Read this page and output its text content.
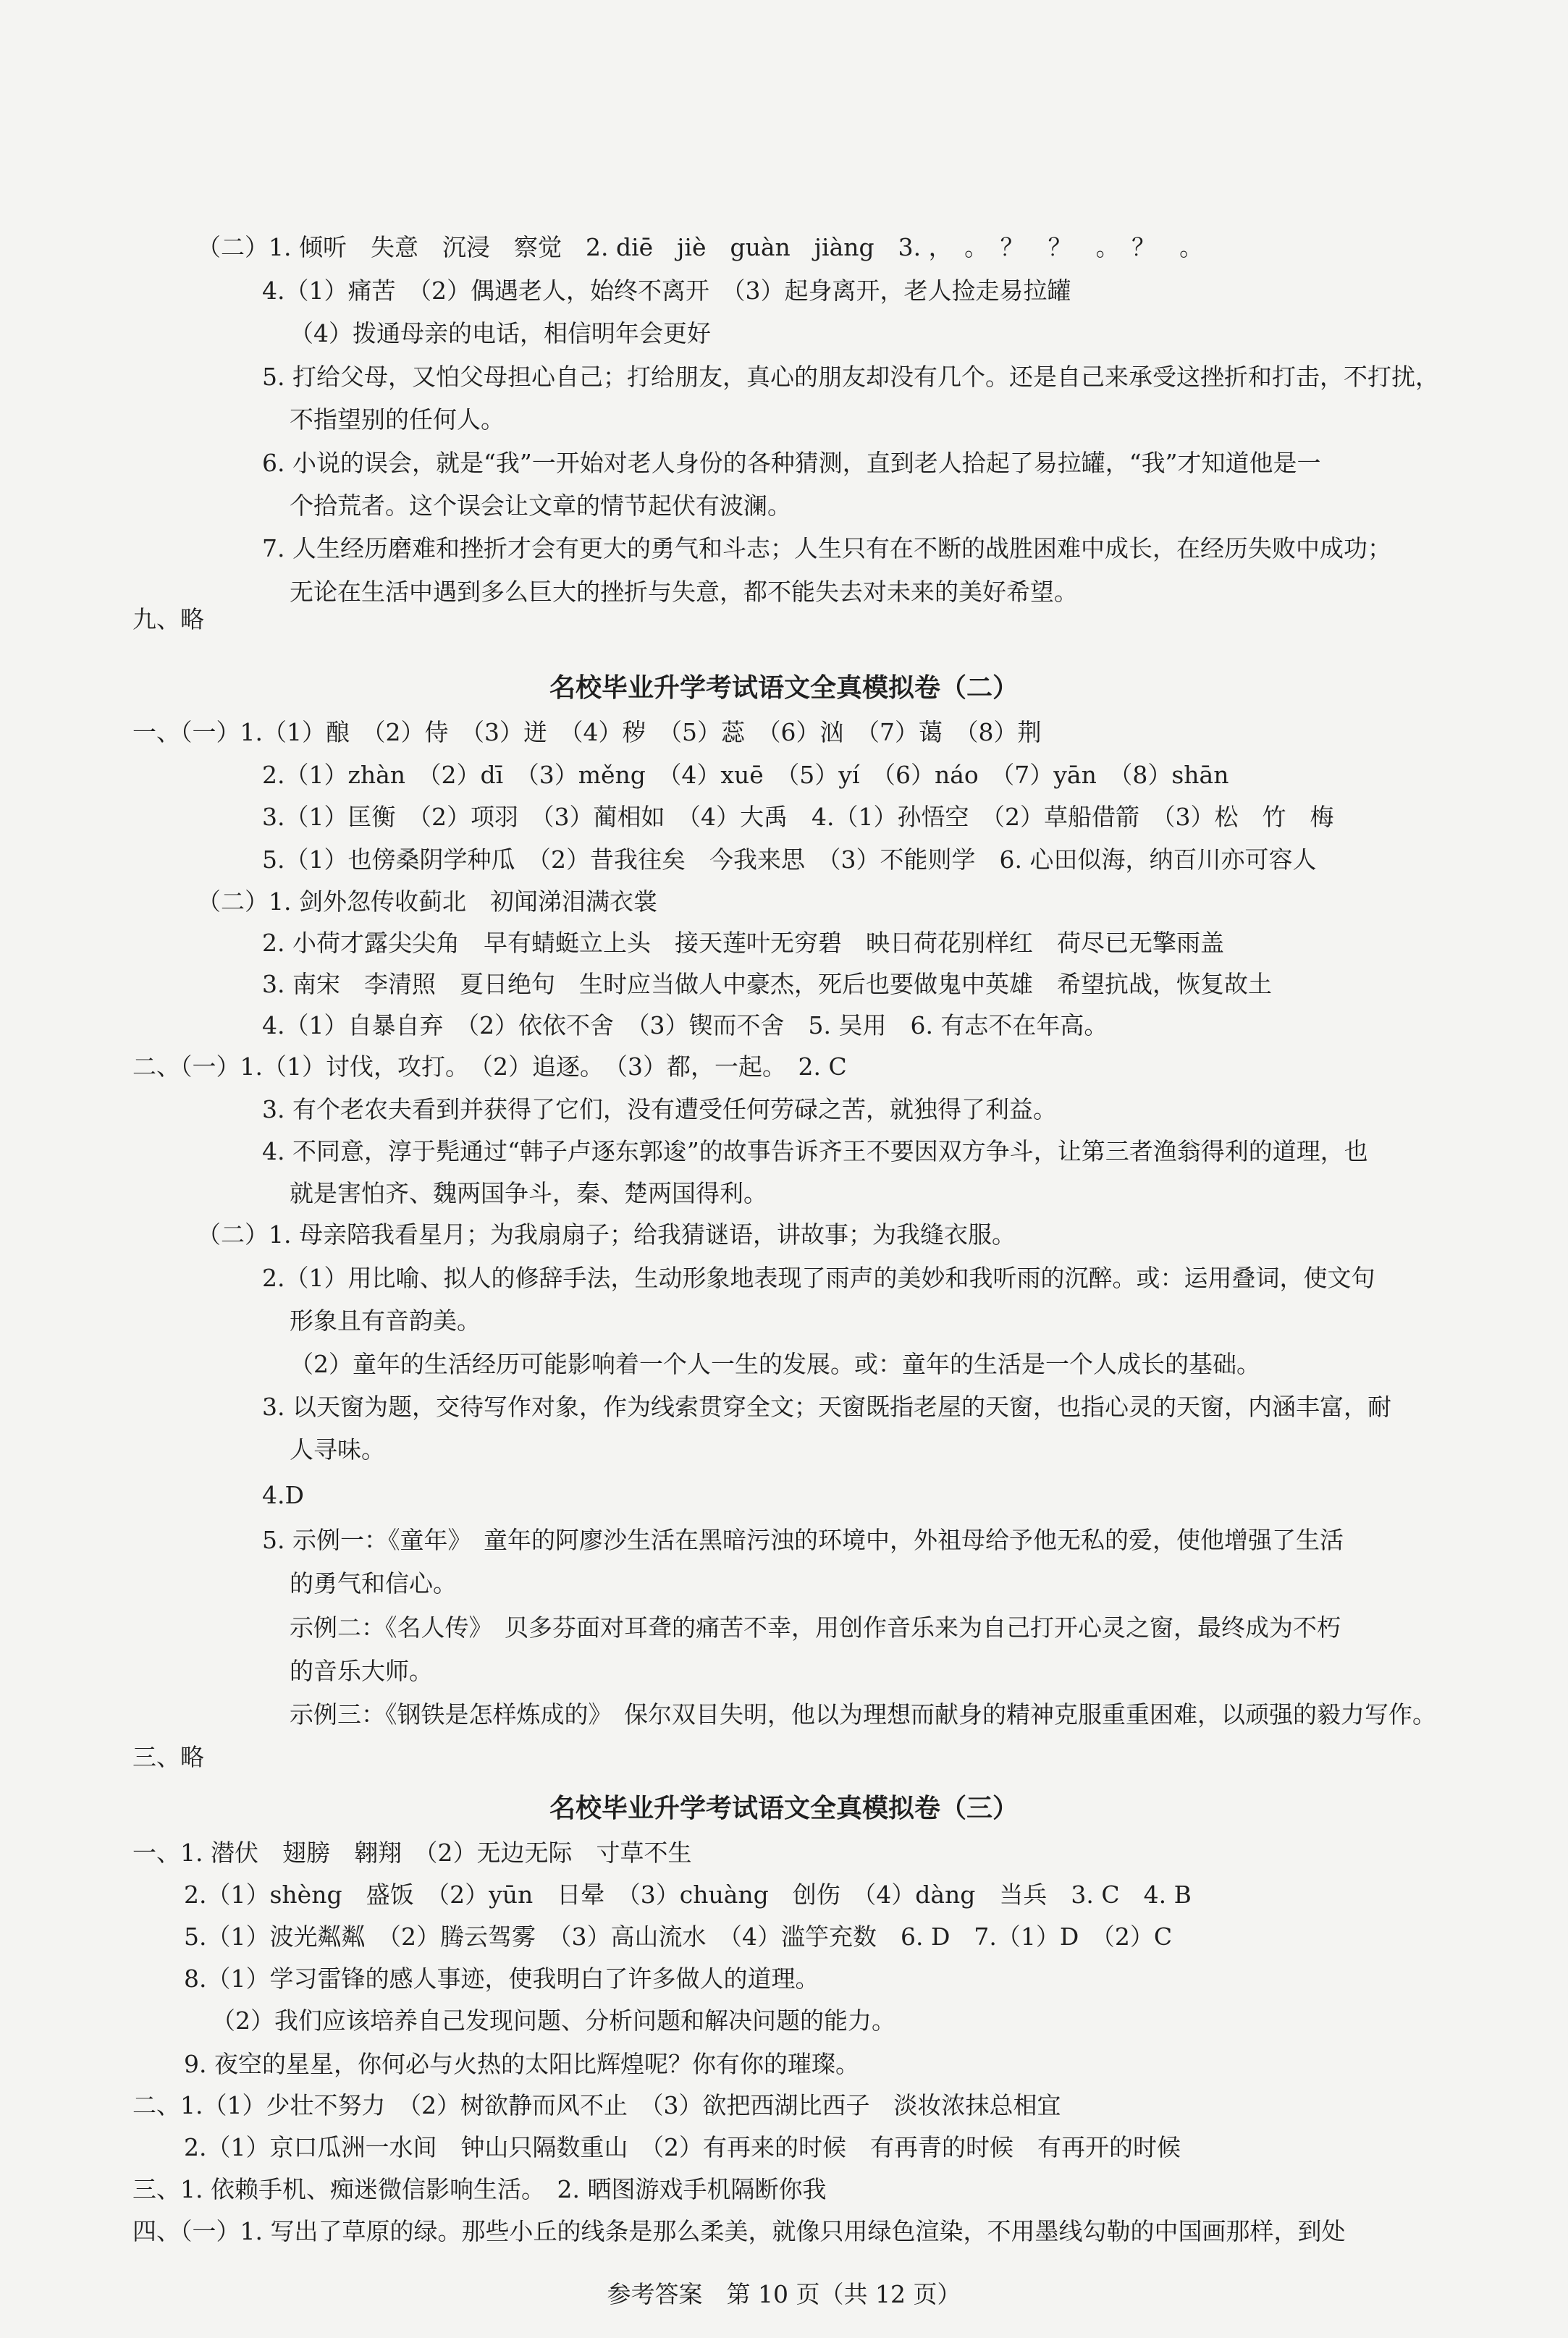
（二）1. 倾听　失意　沉浸　察觉　2. diē　jiè　guàn　jiàng　3. ，　。　？　？　。　？　。
4.（1）痛苦　（2）偶遇老人，始终不离开　（3）起身离开，老人捡走易拉罐
（4）拨通母亲的电话，相信明年会更好
5. 打给父母，又怕父母担心自己；打给朋友，真心的朋友却没有几个。还是自己来承受这挫折和打击，不打扰，
不指望别的任何人。
6. 小说的误会，就是“我”一开始对老人身份的各种猜测，直到老人拾起了易拉罐，“我”才知道他是一
个拾荒者。这个误会让文章的情节起伏有波澜。
7. 人生经历磨难和挫折才会有更大的勇气和斗志；人生只有在不断的战胜困难中成长，在经历失败中成功；
无论在生活中遇到多么巨大的挫折与失意，都不能失去对未来的美好希望。
九、略
名校毕业升学考试语文全真模拟卷（二）
一、（一）1.（1）酿　（2）侍　（3）迸　（4）秽　（5）蕊　（6）汹　（7）蔼　（8）荆
2.（1）zhàn　（2）dī　（3）měng　（4）xuē　（5）yí　（6）náo　（7）yān　（8）shān
3.（1）匡衡　（2）项羽　（3）蔺相如　（4）大禹　4.（1）孙悟空　（2）草船借箭　（3）松　竹　梅
5.（1）也傍桑阴学种瓜　（2）昔我往矣　今我来思　（3）不能则学　6. 心田似海，纳百川亦可容人
（二）1. 剑外忽传收蓟北　初闻涕泪满衣裳
2. 小荷才露尖尖角　早有蜻蜓立上头　接天莲叶无穷碧　映日荷花别样红　荷尽已无擎雨盖
3. 南宋　李清照　夏日绝句　生时应当做人中豪杰，死后也要做鬼中英雄　希望抗战，恢复故土
4.（1）自暴自弃　（2）依依不舍　（3）锲而不舍　5. 吴用　6. 有志不在年高。
二、（一）1.（1）讨伐，攻打。　（2）追逐。　（3）都，一起。　2. C
3. 有个老农夫看到并获得了它们，没有遭受任何劳碌之苦，就独得了利益。
4. 不同意，淳于髡通过“韩子卢逐东郭逡”的故事告诉齐王不要因双方争斗，让第三者渔翁得利的道理，也
就是害怕齐、魏两国争斗，秦、楚两国得利。
（二）1. 母亲陪我看星月；为我扇扇子；给我猜谜语，讲故事；为我缝衣服。
2.（1）用比喻、拟人的修辞手法，生动形象地表现了雨声的美妙和我听雨的沉醉。或：运用叠词，使文句
形象且有音韵美。
（2）童年的生活经历可能影响着一个人一生的发展。或：童年的生活是一个人成长的基础。
3. 以天窗为题，交待写作对象，作为线索贯穿全文；天窗既指老屋的天窗，也指心灵的天窗，内涵丰富，耐
人寻味。
4.D
5. 示例一：《童年》　童年的阿廖沙生活在黑暗污浊的环境中，外祖母给予他无私的爱，使他增强了生活
的勇气和信心。
示例二：《名人传》　贝多芬面对耳聋的痛苦不幸，用创作音乐来为自己打开心灵之窗，最终成为不朽
的音乐大师。
示例三：《钢铁是怎样炼成的》　保尔双目失明，他以为理想而献身的精神克服重重困难，以顽强的毅力写作。
三、略
名校毕业升学考试语文全真模拟卷（三）
一、1. 潜伏　翅膀　翱翔　（2）无边无际　寸草不生
2.（1）shèng　盛饭　（2）yūn　日晕　（3）chuàng　创伤　（4）dàng　当兵　3. C　4. B
5.（1）波光粼粼　（2）腾云驾雾　（3）高山流水　（4）滥竽充数　6. D　7.（1）D　（2）C
8.（1）学习雷锋的感人事迹，使我明白了许多做人的道理。
（2）我们应该培养自己发现问题、分析问题和解决问题的能力。
9. 夜空的星星，你何必与火热的太阳比辉煌呢？你有你的璀璨。
二、1.（1）少壮不努力　（2）树欲静而风不止　（3）欲把西湖比西子　淡妆浓抹总相宜
2.（1）京口瓜洲一水间　钟山只隔数重山　（2）有再来的时候　有再青的时候　有再开的时候
三、1. 依赖手机、痴迷微信影响生活。　2. 晒图游戏手机隔断你我
四、（一）1. 写出了草原的绿。那些小丘的线条是那么柔美，就像只用绿色渲染，不用墨线勾勒的中国画那样，到处
参考答案　第 10 页（共 12 页）
